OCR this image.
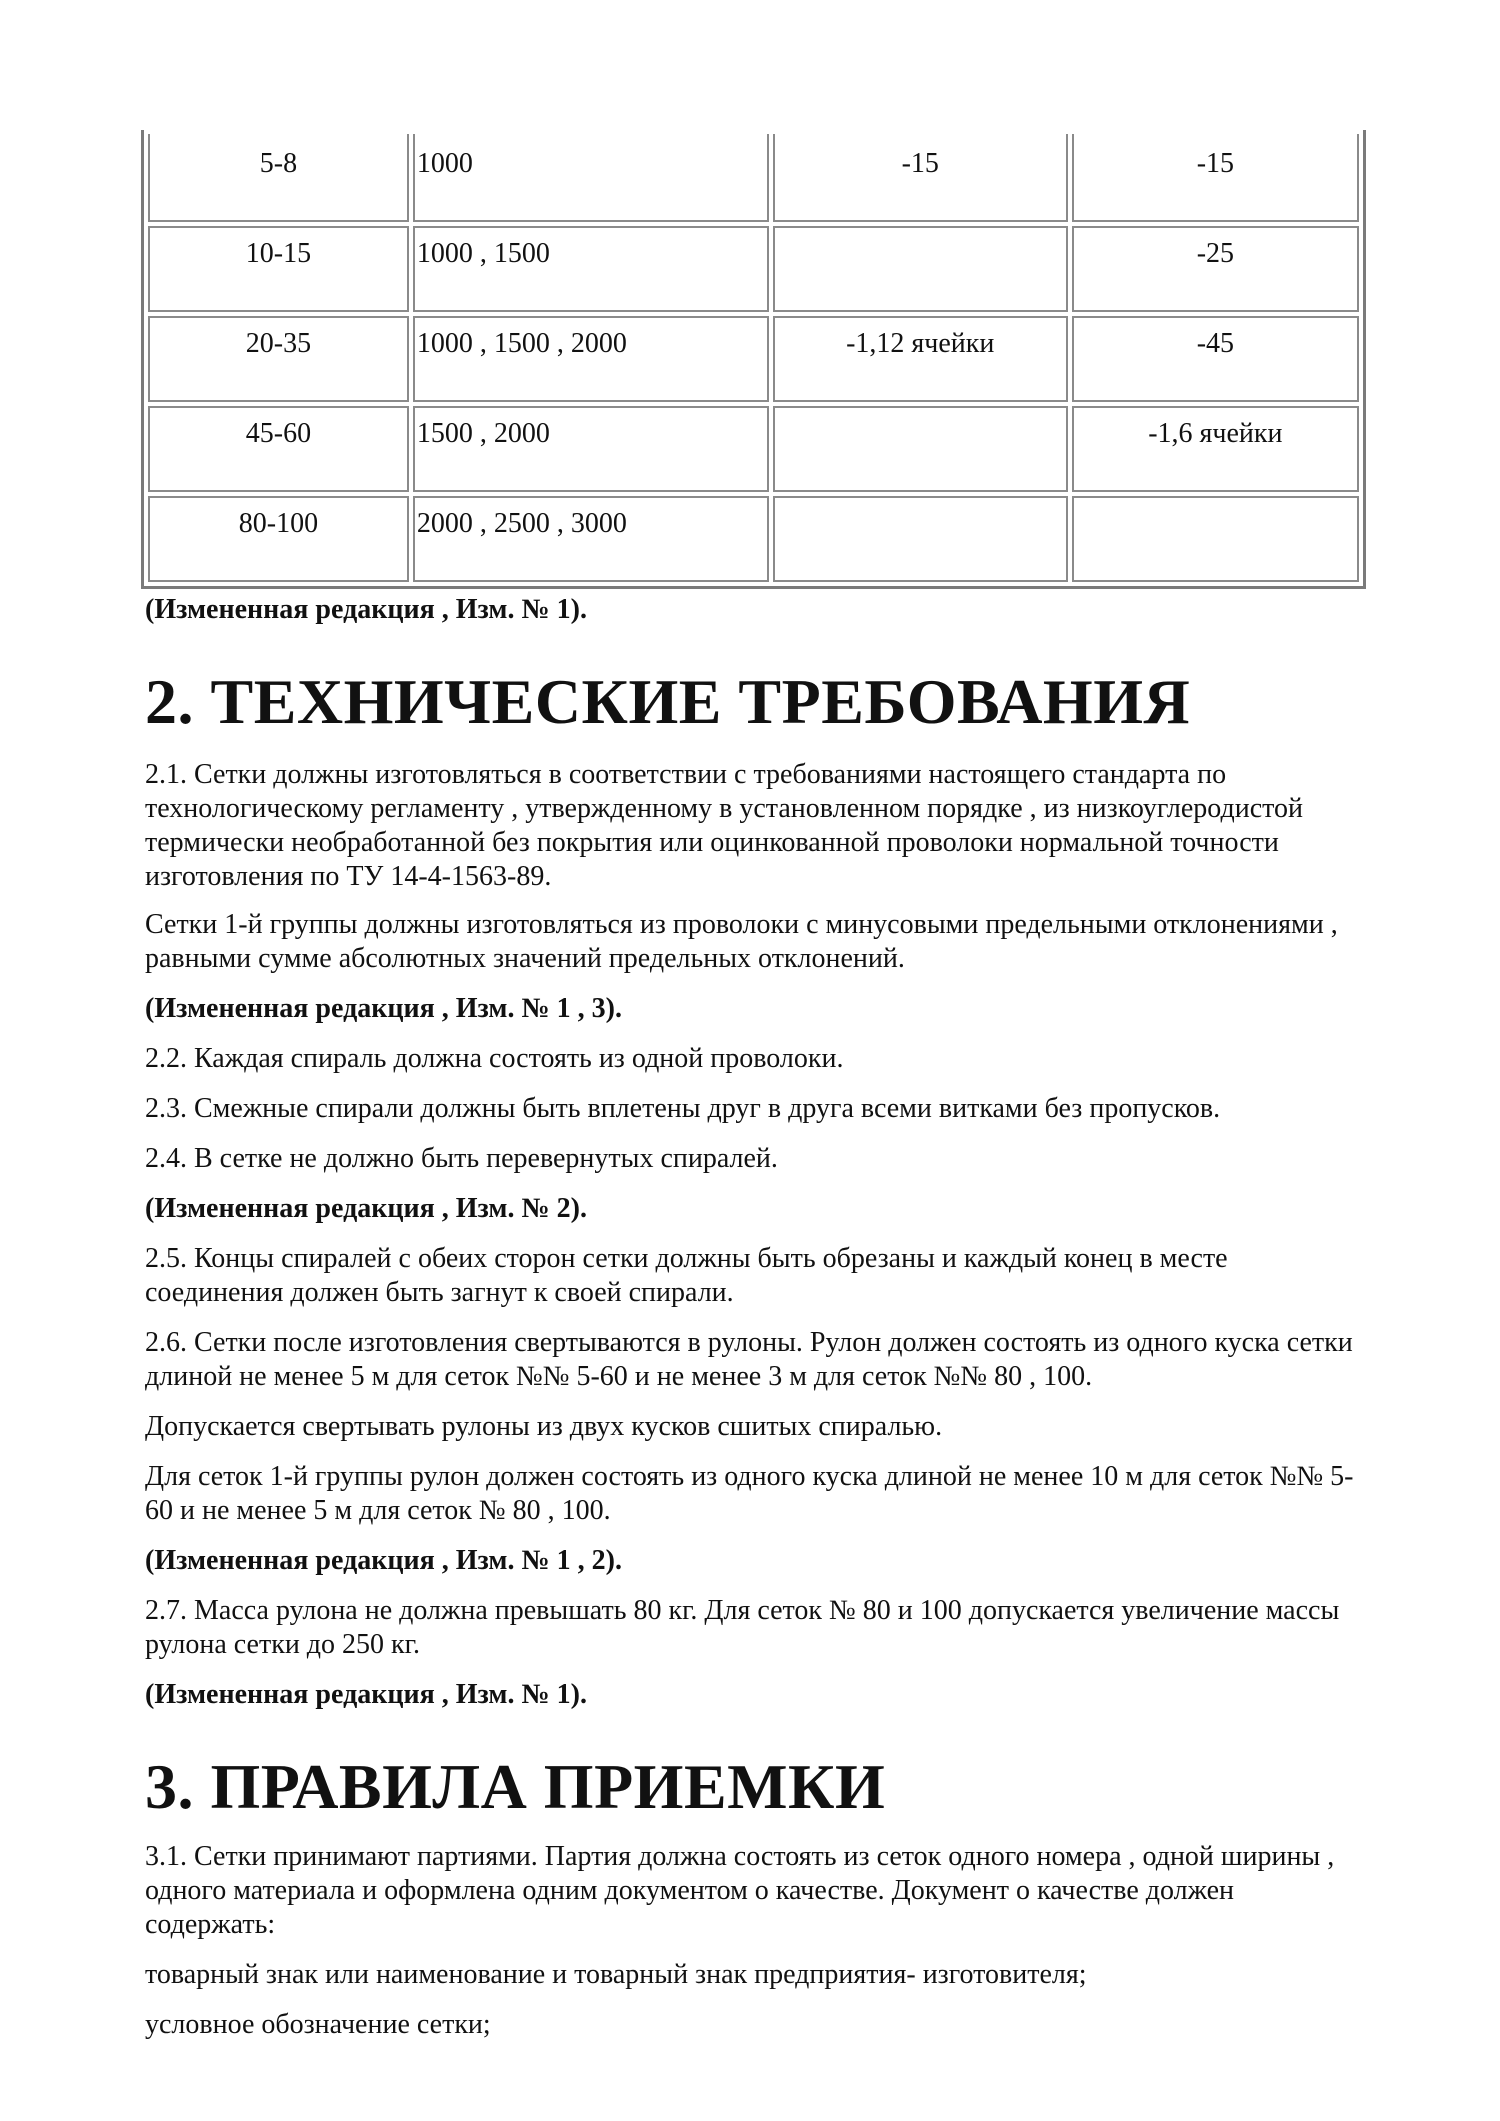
5-8	1000	-15	-15
10-15	1000 , 1500		-25
20-35	1000 , 1500 , 2000	-1,12 ячейки	-45
45-60	1500 , 2000		-1,6 ячейки
80-100	2000 , 2500 , 3000		

(Измененная редакция , Изм. № 1).

2. ТЕХНИЧЕСКИЕ ТРЕБОВАНИЯ

2.1. Сетки должны изготовляться в соответствии с требованиями настоящего стандарта по технологическому регламенту , утвержденному в установленном порядке , из низкоуглеродистой термически необработанной без покрытия или оцинкованной проволоки нормальной точности изготовления по ТУ 14-4-1563-89.

Сетки 1-й группы должны изготовляться из проволоки с минусовыми предельными отклонениями , равными сумме абсолютных значений предельных отклонений.

(Измененная редакция , Изм. № 1 , 3).

2.2. Каждая спираль должна состоять из одной проволоки.

2.3. Смежные спирали должны быть вплетены друг в друга всеми витками без пропусков.

2.4. В сетке не должно быть перевернутых спиралей.

(Измененная редакция , Изм. № 2).

2.5. Концы спиралей с обеих сторон сетки должны быть обрезаны и каждый конец в месте соединения должен быть загнут к своей спирали.

2.6. Сетки после изготовления свертываются в рулоны. Рулон должен состоять из одного куска сетки длиной не менее 5 м для сеток №№ 5-60 и не менее 3 м для сеток №№ 80 , 100.

Допускается свертывать рулоны из двух кусков сшитых спиралью.

Для сеток 1-й группы рулон должен состоять из одного куска длиной не менее 10 м для сеток №№ 5-60 и не менее 5 м для сеток № 80 , 100.

(Измененная редакция , Изм. № 1 , 2).

2.7. Масса рулона не должна превышать 80 кг. Для сеток № 80 и 100 допускается увеличение массы рулона сетки до 250 кг.

(Измененная редакция , Изм. № 1).

3. ПРАВИЛА ПРИЕМКИ

3.1. Сетки принимают партиями. Партия должна состоять из сеток одного номера , одной ширины , одного материала и оформлена одним документом о качестве. Документ о качестве должен содержать:

товарный знак или наименование и товарный знак предприятия- изготовителя;

условное обозначение сетки;
